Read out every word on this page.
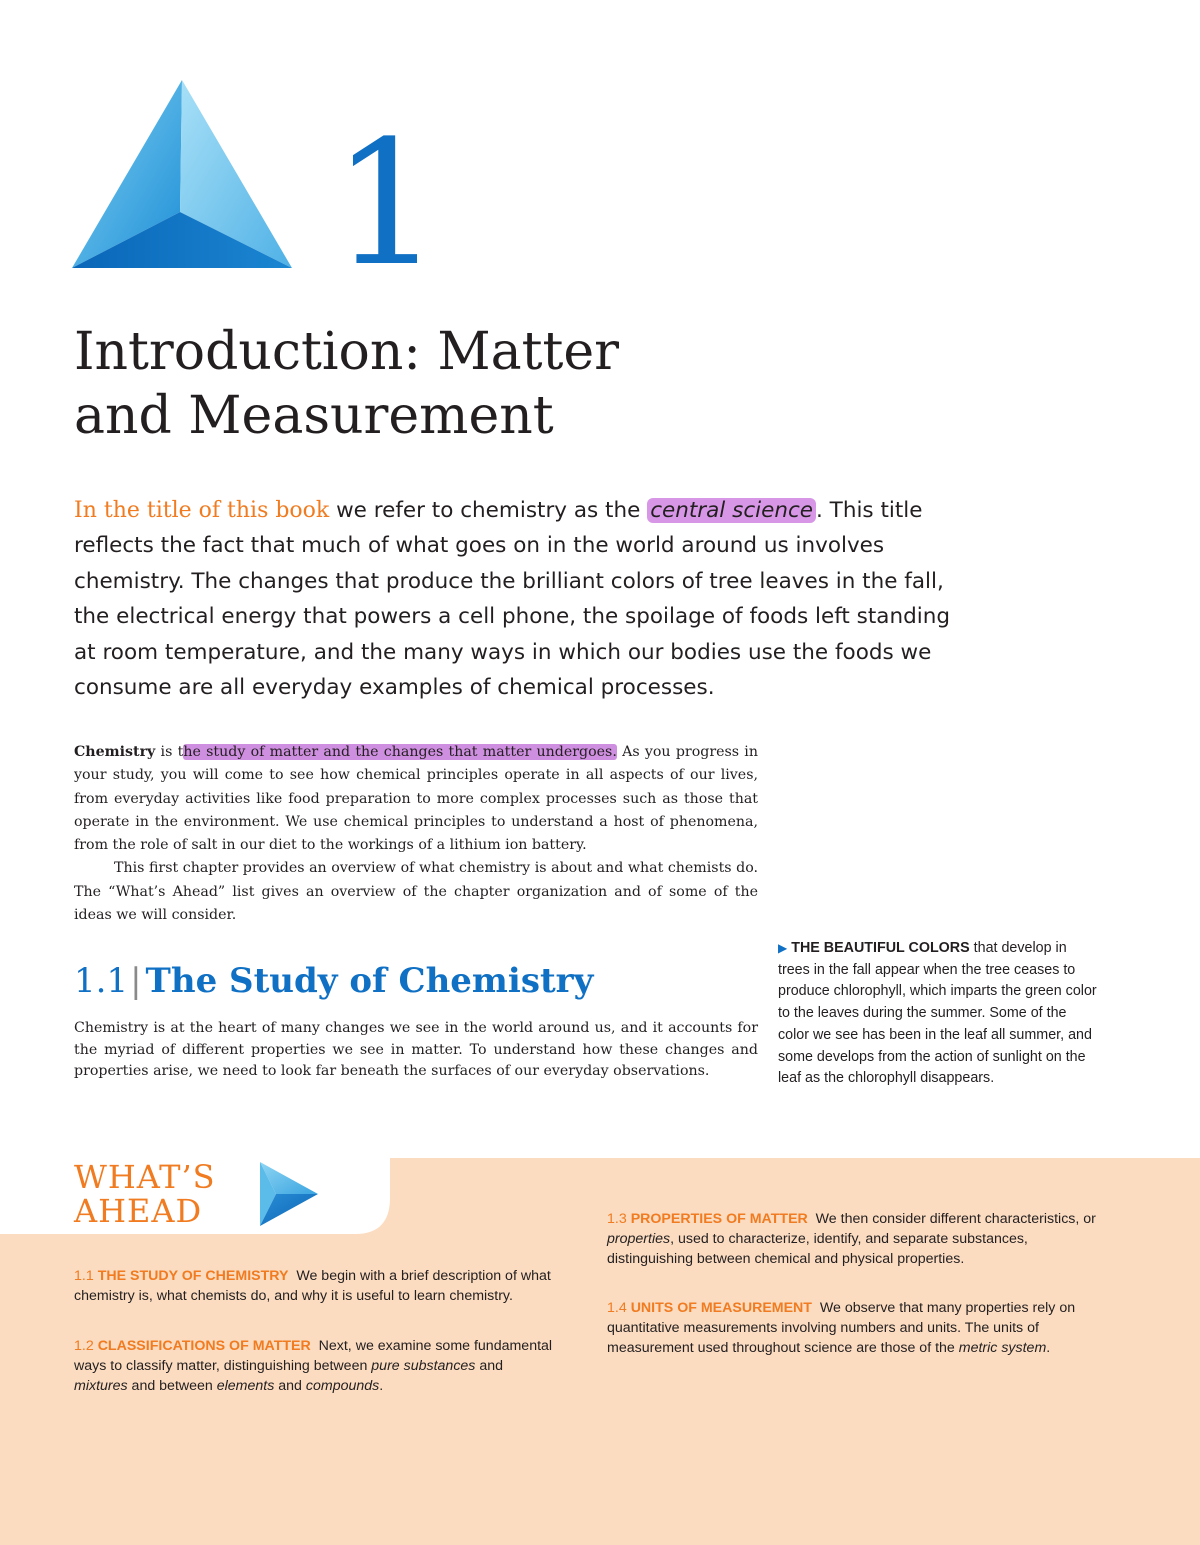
1
Introduction: Matter
and Measurement

In the title of this book we refer to chemistry as the central science . This title reflects the fact that much of what goes on in the world around us involves chemistry. The changes that produce the brilliant colors of tree leaves in the fall, the electrical energy that powers a cell phone, the spoilage of foods left standing at room temperature, and the many ways in which our bodies use the foods we consume are all everyday examples of chemical processes.

Chemistry is the study of matter and the changes that matter undergoes. As you progress in your study, you will come to see how chemical principles operate in all aspects of our lives, from everyday activities like food preparation to more complex processes such as those that operate in the environment. We use chemical principles to understand a host of phenomena, from the role of salt in our diet to the workings of a lithium ion battery.

This first chapter provides an overview of what chemistry is about and what chemists do. The “What’s Ahead” list gives an overview of the chapter organization and of some of the ideas we will consider.

1.1| The Study of Chemistry

Chemistry is at the heart of many changes we see in the world around us, and it accounts for the myriad of different properties we see in matter. To understand how these changes and properties arise, we need to look far beneath the surfaces of our everyday observations.

▶ THE BEAUTIFUL COLORS that develop in trees in the fall appear when the tree ceases to produce chlorophyll, which imparts the green color to the leaves during the summer. Some of the color we see has been in the leaf all summer, and some develops from the action of sunlight on the leaf as the chlorophyll disappears.

WHAT’S
AHEAD

1.1 THE STUDY OF CHEMISTRY We begin with a brief description of what chemistry is, what chemists do, and why it is useful to learn chemistry.

1.2 CLASSIFICATIONS OF MATTER Next, we examine some fundamental ways to classify matter, distinguishing between pure substances and mixtures and between elements and compounds.

1.3 PROPERTIES OF MATTER We then consider different characteristics, or properties, used to characterize, identify, and separate substances, distinguishing between chemical and physical properties.

1.4 UNITS OF MEASUREMENT We observe that many properties rely on quantitative measurements involving numbers and units. The units of measurement used throughout science are those of the metric system.
